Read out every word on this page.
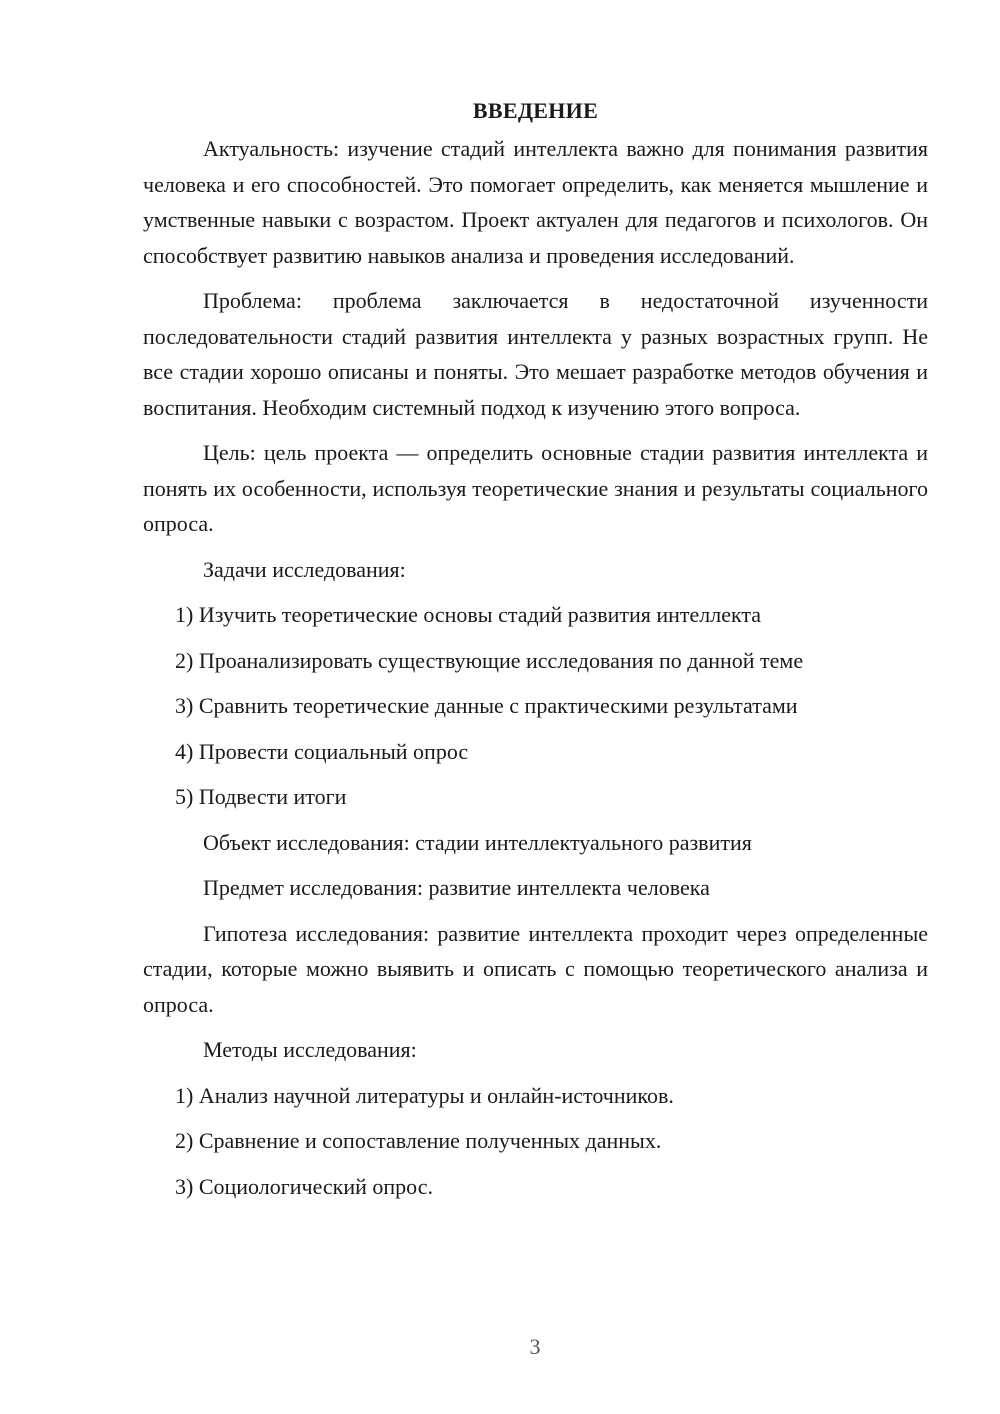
ВВЕДЕНИЕ

Актуальность: изучение стадий интеллекта важно для понимания развития человека и его способностей. Это помогает определить, как меняется мышление и умственные навыки с возрастом. Проект актуален для педагогов и психологов. Он способствует развитию навыков анализа и проведения исследований.

Проблема: проблема заключается в недостаточной изученности последовательности стадий развития интеллекта у разных возрастных групп. Не все стадии хорошо описаны и поняты. Это мешает разработке методов обучения и воспитания. Необходим системный подход к изучению этого вопроса.

Цель: цель проекта — определить основные стадии развития интеллекта и понять их особенности, используя теоретические знания и результаты социального опроса.

Задачи исследования:

1) Изучить теоретические основы стадий развития интеллекта

2) Проанализировать существующие исследования по данной теме

3) Сравнить теоретические данные с практическими результатами

4) Провести социальный опрос

5) Подвести итоги

Объект исследования: стадии интеллектуального развития

Предмет исследования: развитие интеллекта человека

Гипотеза исследования: развитие интеллекта проходит через определенные стадии, которые можно выявить и описать с помощью теоретического анализа и опроса.

Методы исследования:

1) Анализ научной литературы и онлайн-источников.

2) Сравнение и сопоставление полученных данных.

3) Социологический опрос.

3
